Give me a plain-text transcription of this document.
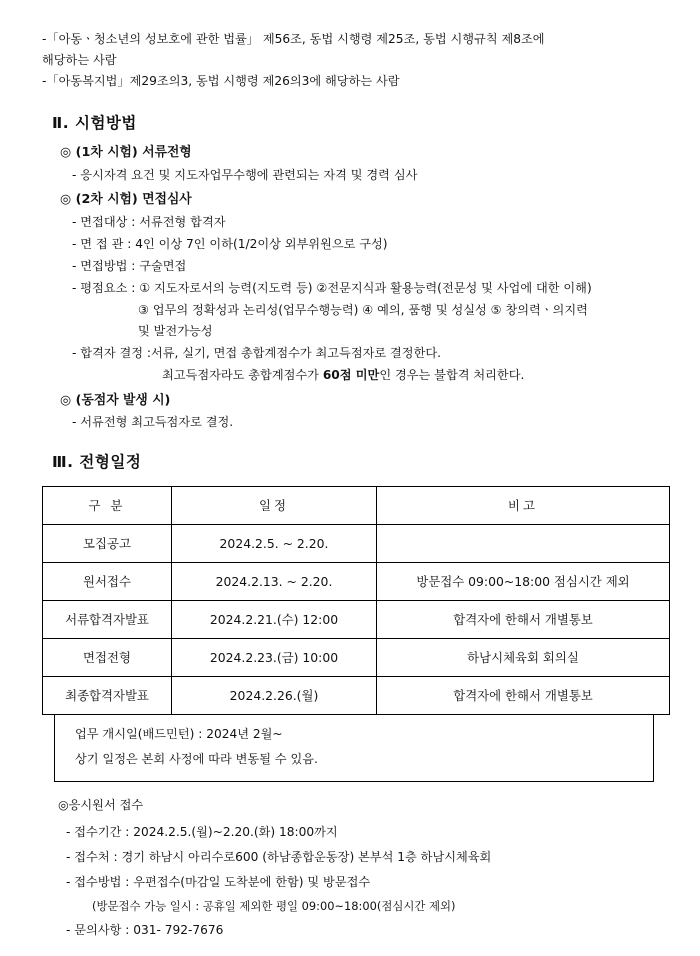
-「아동ㆍ청소년의 성보호에 관한 법률」 제56조, 동법 시행령 제25조, 동법 시행규칙 제8조에

해당하는 사람

-「아동복지법」제29조의3, 동법 시행령 제26의3에 해당하는 사람

Ⅱ. 시험방법
◎ (1차 시험) 서류전형
- 응시자격 요건 및 지도자업무수행에 관련되는 자격 및 경력 심사
◎ (2차 시험) 면접심사
- 면접대상 : 서류전형 합격자
- 면 접 관 : 4인 이상 7인 이하(1/2이상 외부위원으로 구성)
- 면접방법 : 구술면접
- 평점요소 : ① 지도자로서의 능력(지도력 등) ②전문지식과 활용능력(전문성 및 사업에 대한 이해)
③ 업무의 정확성과 논리성(업무수행능력) ④ 예의, 품행 및 성실성 ⑤ 창의력ㆍ의지력
및 발전가능성
- 합격자 결정 :서류, 실기, 면접 총합계점수가 최고득점자로 결정한다.
최고득점자라도 총합계점수가 60점 미만인 경우는 불합격 처리한다.
◎ (동점자 발생 시)
- 서류전형 최고득점자로 결정.
Ⅲ. 전형일정
구 분	일정	비고
모집공고	2024.2.5. ~ 2.20.	
원서접수	2024.2.13. ~ 2.20.	방문접수 09:00~18:00 점심시간 제외
서류합격자발표	2024.2.21.(수) 12:00	합격자에 한해서 개별통보
면접전형	2024.2.23.(금) 10:00	하남시체육회 회의실
최종합격자발표	2024.2.26.(월)	합격자에 한해서 개별통보
업무 개시일(배드민턴) : 2024년 2월~
상기 일정은 본회 사정에 따라 변동될 수 있음.
◎응시원서 접수
- 접수기간 : 2024.2.5.(월)~2.20.(화) 18:00까지
- 접수처 : 경기 하남시 아리수로600 (하남종합운동장) 본부석 1층 하남시체육회
- 접수방법 : 우편접수(마감일 도착분에 한함) 및 방문접수
(방문접수 가능 일시 : 공휴일 제외한 평일 09:00~18:00(점심시간 제외)
- 문의사항 : 031- 792-7676
